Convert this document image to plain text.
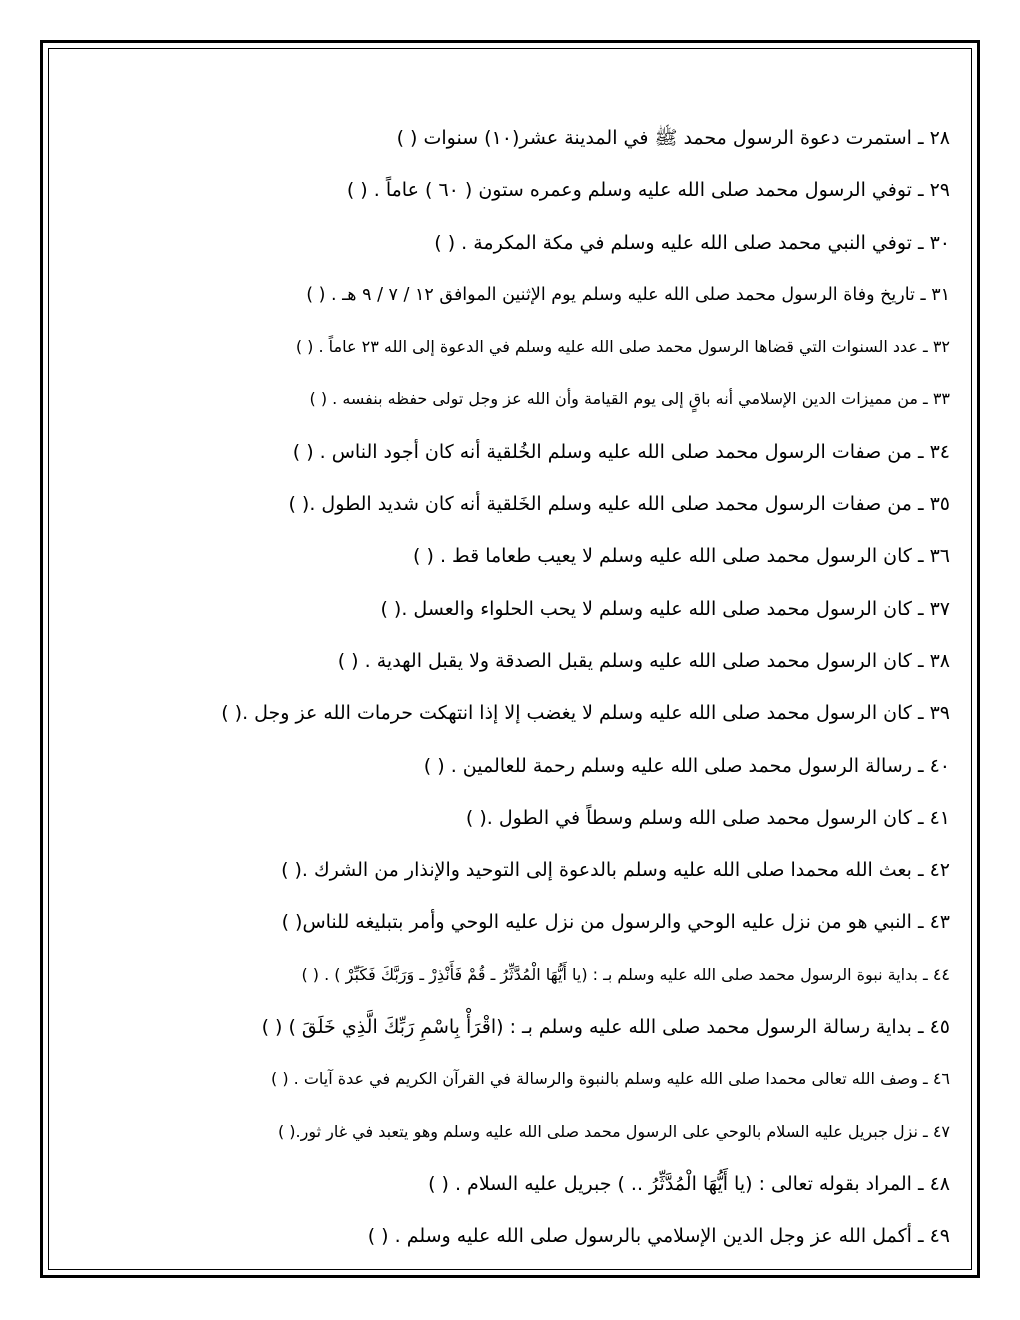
٢٨ ـ استمرت دعوة الرسول محمد ﷺ في المدينة عشر(١٠) سنوات ( )
٢٩ ـ توفي الرسول محمد صلى الله عليه وسلم وعمره ستون ( ٦٠ ) عاماً . ( )
٣٠ ـ توفي النبي محمد صلى الله عليه وسلم في مكة المكرمة . ( )
٣١ ـ تاريخ وفاة الرسول محمد صلى الله عليه وسلم يوم الإثنين الموافق ١٢ / ٧ / ٩ هـ . ( )
٣٢ ـ عدد السنوات التي قضاها الرسول محمد صلى الله عليه وسلم في الدعوة إلى الله ٢٣ عاماً . ( )
٣٣ ـ من مميزات الدين الإسلامي أنه باقٍ إلى يوم القيامة وأن الله عز وجل تولى حفظه بنفسه . ( )
٣٤ ـ من صفات الرسول محمد صلى الله عليه وسلم الخُلقية أنه كان أجود الناس . ( )
٣٥ ـ من صفات الرسول محمد صلى الله عليه وسلم الخَلقية أنه كان شديد الطول .( )
٣٦ ـ كان الرسول محمد صلى الله عليه وسلم لا يعيب طعاما قط . ( )
٣٧ ـ كان الرسول محمد صلى الله عليه وسلم لا يحب الحلواء والعسل .( )
٣٨ ـ كان الرسول محمد صلى الله عليه وسلم يقبل الصدقة ولا يقبل الهدية . ( )
٣٩ ـ كان الرسول محمد صلى الله عليه وسلم لا يغضب إلا إذا انتهكت حرمات الله عز وجل .( )
٤٠ ـ رسالة الرسول محمد صلى الله عليه وسلم رحمة للعالمين . ( )
٤١ ـ كان الرسول محمد صلى الله وسلم وسطاً في الطول .( )
٤٢ ـ بعث الله محمدا صلى الله عليه وسلم بالدعوة إلى التوحيد والإنذار من الشرك .( )
٤٣ ـ النبي هو من نزل عليه الوحي والرسول من نزل عليه الوحي وأمر بتبليغه للناس( )
٤٤ ـ بداية نبوة الرسول محمد صلى الله عليه وسلم بـ : (يا أَيُّهَا الْمُدَّثِّرُ ـ قُمْ فَأَنْذِرْ ـ وَرَبَّكَ فَكَبِّرْ ) . ( )
٤٥ ـ بداية رسالة الرسول محمد صلى الله عليه وسلم بـ : (اقْرَأْ بِاسْمِ رَبِّكَ الَّذِي خَلَقَ ) ( )
٤٦ ـ وصف الله تعالى محمدا صلى الله عليه وسلم بالنبوة والرسالة في القرآن الكريم في عدة آيات . ( )
٤٧ ـ نزل جبريل عليه السلام بالوحي على الرسول محمد صلى الله عليه وسلم وهو يتعبد في غار ثور.( )
٤٨ ـ المراد بقوله تعالى : (يا أَيُّهَا الْمُدَّثِّرُ .. ) جبريل عليه السلام . ( )
٤٩ ـ أكمل الله عز وجل الدين الإسلامي بالرسول صلى الله عليه وسلم . ( )
